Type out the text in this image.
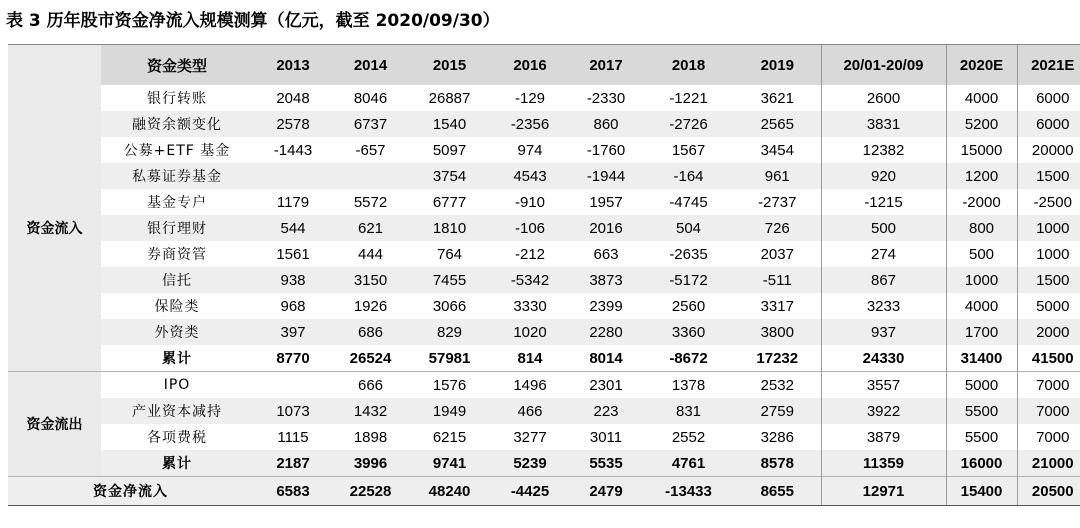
表 3 历年股市资金净流入规模测算（亿元，截至 2020/09/30）
	资金类型	2013	2014	2015	2016	2017	2018	2019	20/01-20/09	2020E	2021E
资金流入	银行转账	2048	8046	26887	-129	-2330	-1221	3621	2600	4000	6000
	融资余额变化	2578	6737	1540	-2356	860	-2726	2565	3831	5200	6000
	公募+ETF 基金	-1443	-657	5097	974	-1760	1567	3454	12382	15000	20000
	私募证券基金			3754	4543	-1944	-164	961	920	1200	1500
	基金专户	1179	5572	6777	-910	1957	-4745	-2737	-1215	-2000	-2500
	银行理财	544	621	1810	-106	2016	504	726	500	800	1000
	券商资管	1561	444	764	-212	663	-2635	2037	274	500	1000
	信托	938	3150	7455	-5342	3873	-5172	-511	867	1000	1500
	保险类	968	1926	3066	3330	2399	2560	3317	3233	4000	5000
	外资类	397	686	829	1020	2280	3360	3800	937	1700	2000
	累计	8770	26524	57981	814	8014	-8672	17232	24330	31400	41500
资金流出	IPO		666	1576	1496	2301	1378	2532	3557	5000	7000
	产业资本减持	1073	1432	1949	466	223	831	2759	3922	5500	7000
	各项费税	1115	1898	6215	3277	3011	2552	3286	3879	5500	7000
	累计	2187	3996	9741	5239	5535	4761	8578	11359	16000	21000
资金净流入		6583	22528	48240	-4425	2479	-13433	8655	12971	15400	20500
